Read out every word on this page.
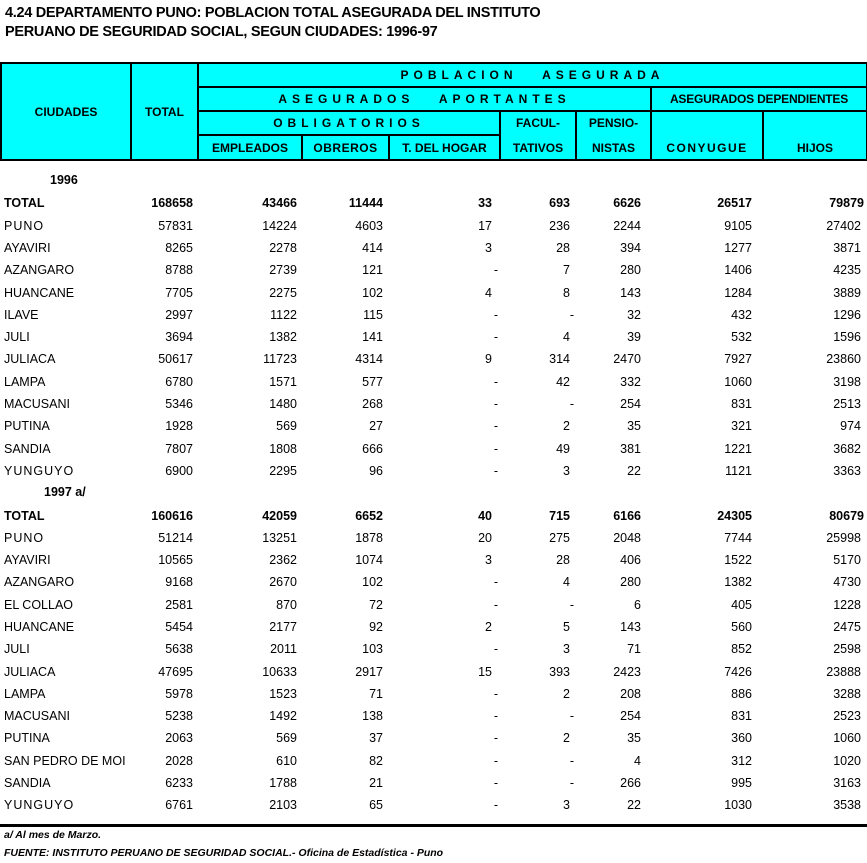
4.24 DEPARTAMENTO PUNO: POBLACION TOTAL ASEGURADA DEL INSTITUTO
PERUANO DE SEGURIDAD SOCIAL, SEGUN CIUDADES: 1996-97
CIUDADES	TOTAL
POBLACION   ASEGURADA
ASEGURADOS   APORTANTES	ASEGURADOS DEPENDIENTES
OBLIGATORIOS	FACUL-	PENSIO-
EMPLEADOS	OBREROS	T. DEL HOGAR	TATIVOS	NISTAS	CONYUGUE	HIJOS
1996
TOTAL	168658	43466	11444	33	693	6626	26517	79879
PUNO	57831	14224	4603	17	236	2244	9105	27402
AYAVIRI	8265	2278	414	3	28	394	1277	3871
AZANGARO	8788	2739	121	-	7	280	1406	4235
HUANCANE	7705	2275	102	4	8	143	1284	3889
ILAVE	2997	1122	115	-	-	32	432	1296
JULI	3694	1382	141	-	4	39	532	1596
JULIACA	50617	11723	4314	9	314	2470	7927	23860
LAMPA	6780	1571	577	-	42	332	1060	3198
MACUSANI	5346	1480	268	-	-	254	831	2513
PUTINA	1928	569	27	-	2	35	321	974
SANDIA	7807	1808	666	-	49	381	1221	3682
YUNGUYO	6900	2295	96	-	3	22	1121	3363
1997 a/
TOTAL	160616	42059	6652	40	715	6166	24305	80679
PUNO	51214	13251	1878	20	275	2048	7744	25998
AYAVIRI	10565	2362	1074	3	28	406	1522	5170
AZANGARO	9168	2670	102	-	4	280	1382	4730
EL COLLAO	2581	870	72	-	-	6	405	1228
HUANCANE	5454	2177	92	2	5	143	560	2475
JULI	5638	2011	103	-	3	71	852	2598
JULIACA	47695	10633	2917	15	393	2423	7426	23888
LAMPA	5978	1523	71	-	2	208	886	3288
MACUSANI	5238	1492	138	-	-	254	831	2523
PUTINA	2063	569	37	-	2	35	360	1060
SAN PEDRO DE MOI	2028	610	82	-	-	4	312	1020
SANDIA	6233	1788	21	-	-	266	995	3163
YUNGUYO	6761	2103	65	-	3	22	1030	3538
a/ Al mes de Marzo.
FUENTE: INSTITUTO PERUANO DE SEGURIDAD SOCIAL.- Oficina de Estadística - Puno
